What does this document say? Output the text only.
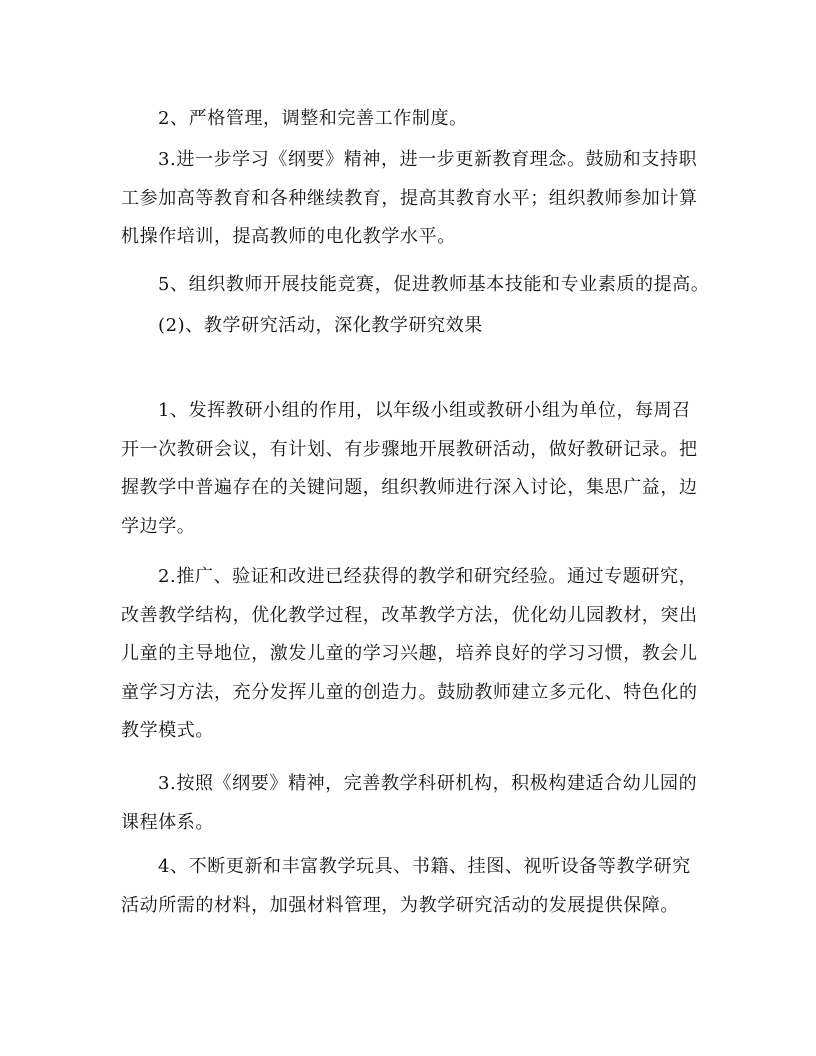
2、严格管理，调整和完善工作制度。

3.进一步学习《纲要》精神，进一步更新教育理念。鼓励和支持职
工参加高等教育和各种继续教育，提高其教育水平；组织教师参加计算
机操作培训，提高教师的电化教学水平。

5、组织教师开展技能竞赛，促进教师基本技能和专业素质的提高。

(2)、教学研究活动，深化教学研究效果

1、发挥教研小组的作用，以年级小组或教研小组为单位，每周召
开一次教研会议，有计划、有步骤地开展教研活动，做好教研记录。把
握教学中普遍存在的关键问题，组织教师进行深入讨论，集思广益，边
学边学。

2.推广、验证和改进已经获得的教学和研究经验。通过专题研究，
改善教学结构，优化教学过程，改革教学方法，优化幼儿园教材，突出
儿童的主导地位，激发儿童的学习兴趣，培养良好的学习习惯，教会儿
童学习方法，充分发挥儿童的创造力。鼓励教师建立多元化、特色化的
教学模式。

3.按照《纲要》精神，完善教学科研机构，积极构建适合幼儿园的
课程体系。

4、不断更新和丰富教学玩具、书籍、挂图、视听设备等教学研究
活动所需的材料，加强材料管理，为教学研究活动的发展提供保障。
